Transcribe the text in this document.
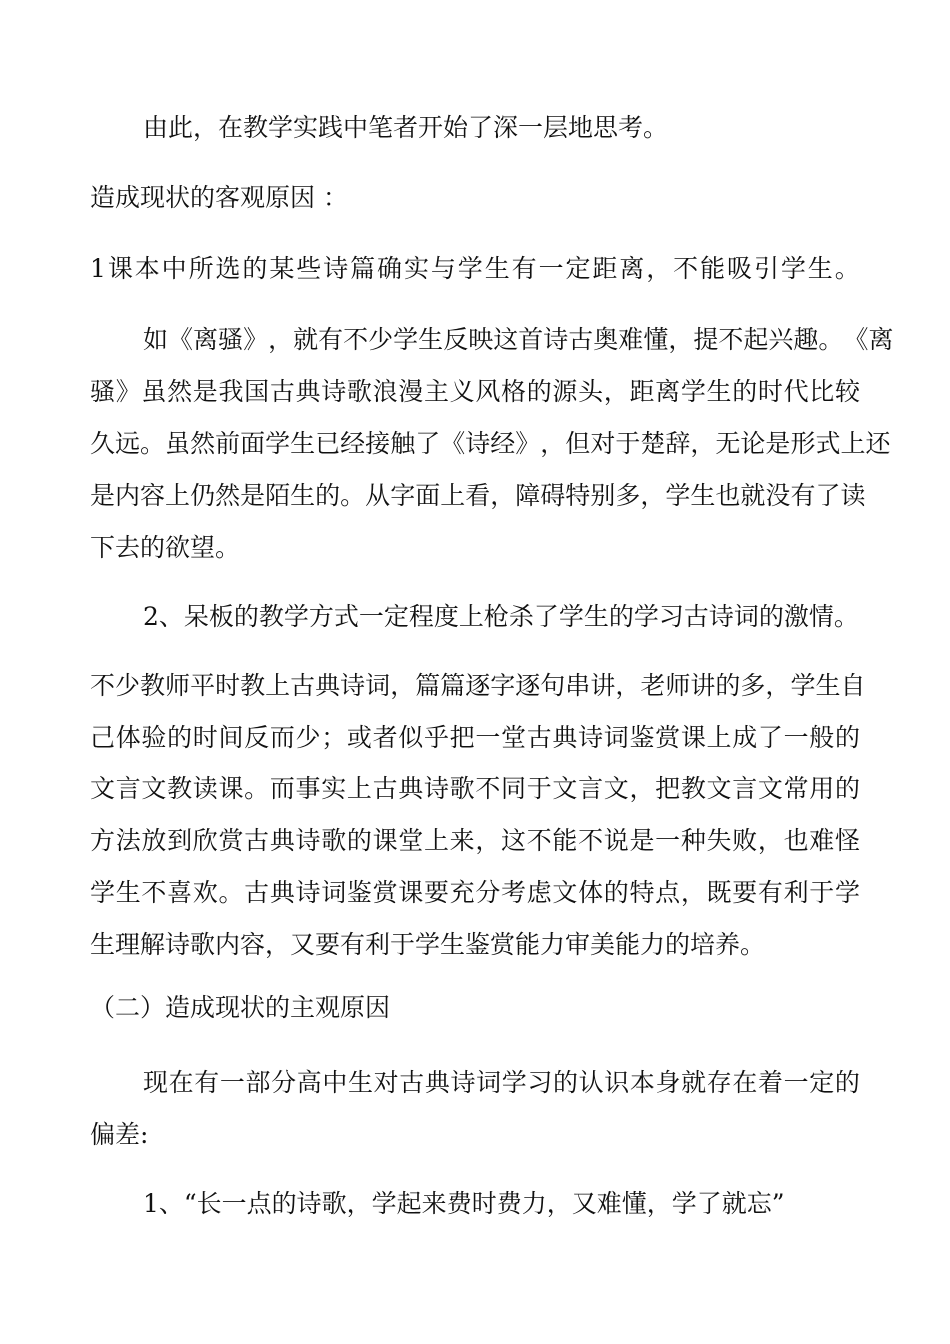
由此，在教学实践中笔者开始了深一层地思考。
造成现状的客观原因 ：
1 课 本 中 所 选 的 某 些 诗 篇 确 实 与 学 生 有 一 定 距 离 ， 不 能 吸 引 学 生 。
如 《 离 骚 》 ， 就 有 不 少 学 生 反 映 这 首 诗 古 奥 难 懂 ， 提 不 起 兴 趣 。 《 离
骚 》 虽 然 是 我 国 古 典 诗 歌 浪 漫 主 义 风 格 的 源 头 ， 距 离 学 生 的 时 代 比 较
久 远 。 虽 然 前 面 学 生 已 经 接 触 了 《 诗 经 》 ， 但 对 于 楚 辞 ， 无 论 是 形 式 上 还
是 内 容 上 仍 然 是 陌 生 的 。 从 字 面 上 看 ， 障 碍 特 别 多 ， 学 生 也 就 没 有 了 读
下去的欲望。
2、呆板的教学方式一定程度上枪杀了学生的学习古诗词的激情。
不 少 教 师 平 时 教 上 古 典 诗 词 ， 篇 篇 逐 字 逐 句 串 讲 ， 老 师 讲 的 多 ， 学 生 自
己 体 验 的 时 间 反 而 少 ； 或 者 似 乎 把 一 堂 古 典 诗 词 鉴 赏 课 上 成 了 一 般 的
文 言 文 教 读 课 。 而 事 实 上 古 典 诗 歌 不 同 于 文 言 文 ， 把 教 文 言 文 常 用 的
方 法 放 到 欣 赏 古 典 诗 歌 的 课 堂 上 来 ， 这 不 能 不 说 是 一 种 失 败 ， 也 难 怪
学 生 不 喜 欢 。 古 典 诗 词 鉴 赏 课 要 充 分 考 虑 文 体 的 特 点 ， 既 要 有 利 于 学
生理解诗歌内容，又要有利于学生鉴赏能力审美能力的培养。
（二）造成现状的主观原因
现 在 有 一 部 分 高 中 生 对 古 典 诗 词 学 习 的 认 识 本 身 就 存 在 着 一 定 的
偏差:
1、“长一点的诗歌，学起来费时费力，又难懂，学了就忘”
